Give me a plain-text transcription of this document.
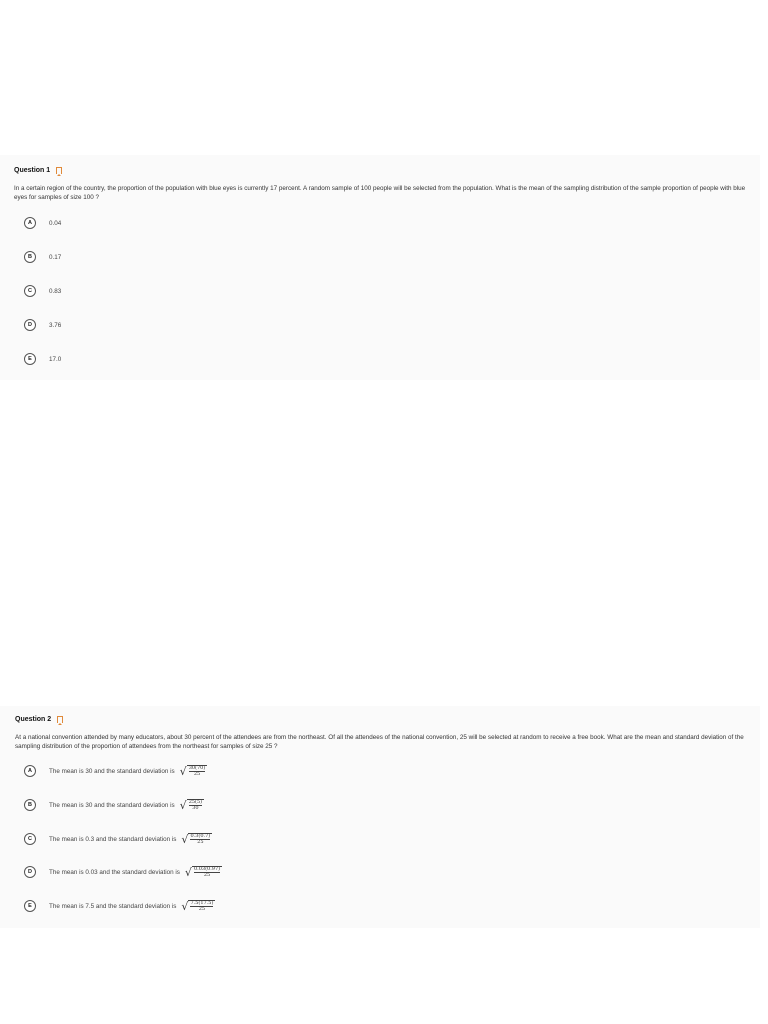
Question 1
In a certain region of the country, the proportion of the population with blue eyes is currently 17 percent. A random sample of 100 people will be selected from the population. What is the mean of the sampling distribution of the sample proportion of people with blue eyes for samples of size 100 ?
A	0.04
B	0.17
C	0.83
D	3.76
E	17.0
Question 2
At a national convention attended by many educators, about 30 percent of the attendees are from the northeast. Of all the attendees of the national convention, 25 will be selected at random to receive a free book. What are the mean and standard deviation of the sampling distribution of the proportion of attendees from the northeast for samples of size 25 ?
A	The mean is 30 and the standard deviation is √ $\frac{30(70)}{25}$
B	The mean is 30 and the standard deviation is √ $\frac{25(5)}{30}$
C	The mean is 0.3 and the standard deviation is √ $\frac{0.3(0.7)}{25}$
D	The mean is 0.03 and the standard deviation is √ $\frac{0.03(0.97)}{25}$
E	The mean is 7.5 and the standard deviation is √ $\frac{7.5(17.5)}{25}$
